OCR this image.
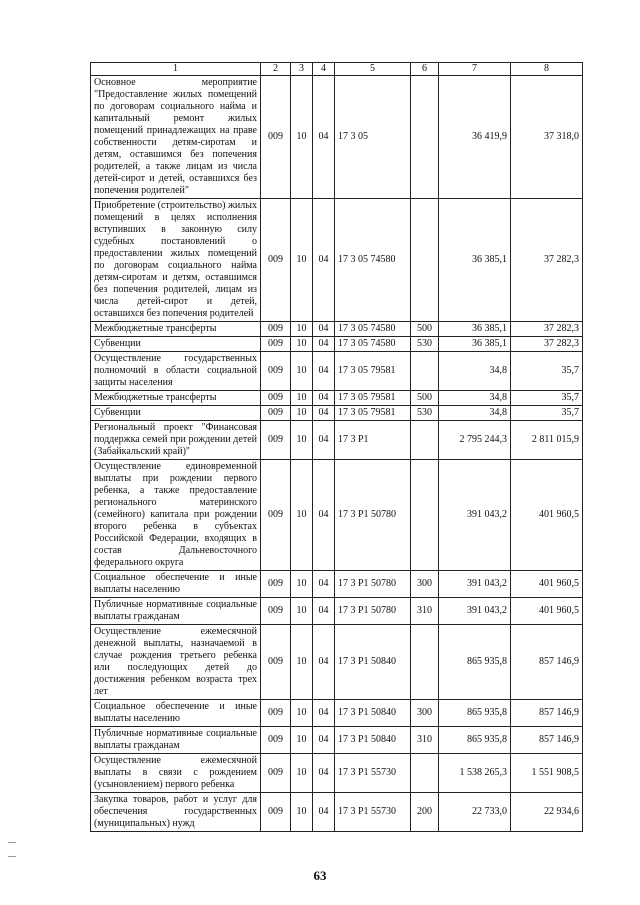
1	2	3	4	5	6	7	8
Основное мероприятие "Предоставление жилых помещений по договорам социального найма и капитальный ремонт жилых помещений принадлежащих на праве собственности детям-сиротам и детям, оставшимся без попечения родителей, а также лицам из числа детей-сирот и детей, оставшихся без попечения родителей"	009	10	04	17 3 05		36 419,9	37 318,0
Приобретение (строительство) жилых помещений в целях исполнения вступивших в законную силу судебных постановлений о предоставлении жилых помещений по договорам социального найма детям-сиротам и детям, оставшимся без попечения родителей, лицам из числа детей-сирот и детей, оставшихся без попечения родителей	009	10	04	17 3 05 74580		36 385,1	37 282,3
Межбюджетные трансферты	009	10	04	17 3 05 74580	500	36 385,1	37 282,3
Субвенции	009	10	04	17 3 05 74580	530	36 385,1	37 282,3
Осуществление государственных полномочий в области социальной защиты населения	009	10	04	17 3 05 79581		34,8	35,7
Межбюджетные трансферты	009	10	04	17 3 05 79581	500	34,8	35,7
Субвенции	009	10	04	17 3 05 79581	530	34,8	35,7
Региональный проект "Финансовая поддержка семей при рождении детей (Забайкальский край)"	009	10	04	17 3 P1		2 795 244,3	2 811 015,9
Осуществление единовременной выплаты при рождении первого ребенка, а также предоставление регионального материнского (семейного) капитала при рождении второго ребенка в субъектах Российской Федерации, входящих в состав Дальневосточного федерального округа	009	10	04	17 3 P1 50780		391 043,2	401 960,5
Социальное обеспечение и иные выплаты населению	009	10	04	17 3 P1 50780	300	391 043,2	401 960,5
Публичные нормативные социальные выплаты гражданам	009	10	04	17 3 P1 50780	310	391 043,2	401 960,5
Осуществление ежемесячной денежной выплаты, назначаемой в случае рождения третьего ребенка или последующих детей до достижения ребенком возраста трех лет	009	10	04	17 3 P1 50840		865 935,8	857 146,9
Социальное обеспечение и иные выплаты населению	009	10	04	17 3 P1 50840	300	865 935,8	857 146,9
Публичные нормативные социальные выплаты гражданам	009	10	04	17 3 P1 50840	310	865 935,8	857 146,9
Осуществление ежемесячной выплаты в связи с рождением (усыновлением) первого ребенка	009	10	04	17 3 P1 55730		1 538 265,3	1 551 908,5
Закупка товаров, работ и услуг для обеспечения государственных (муниципальных) нужд	009	10	04	17 3 P1 55730	200	22 733,0	22 934,6
63
